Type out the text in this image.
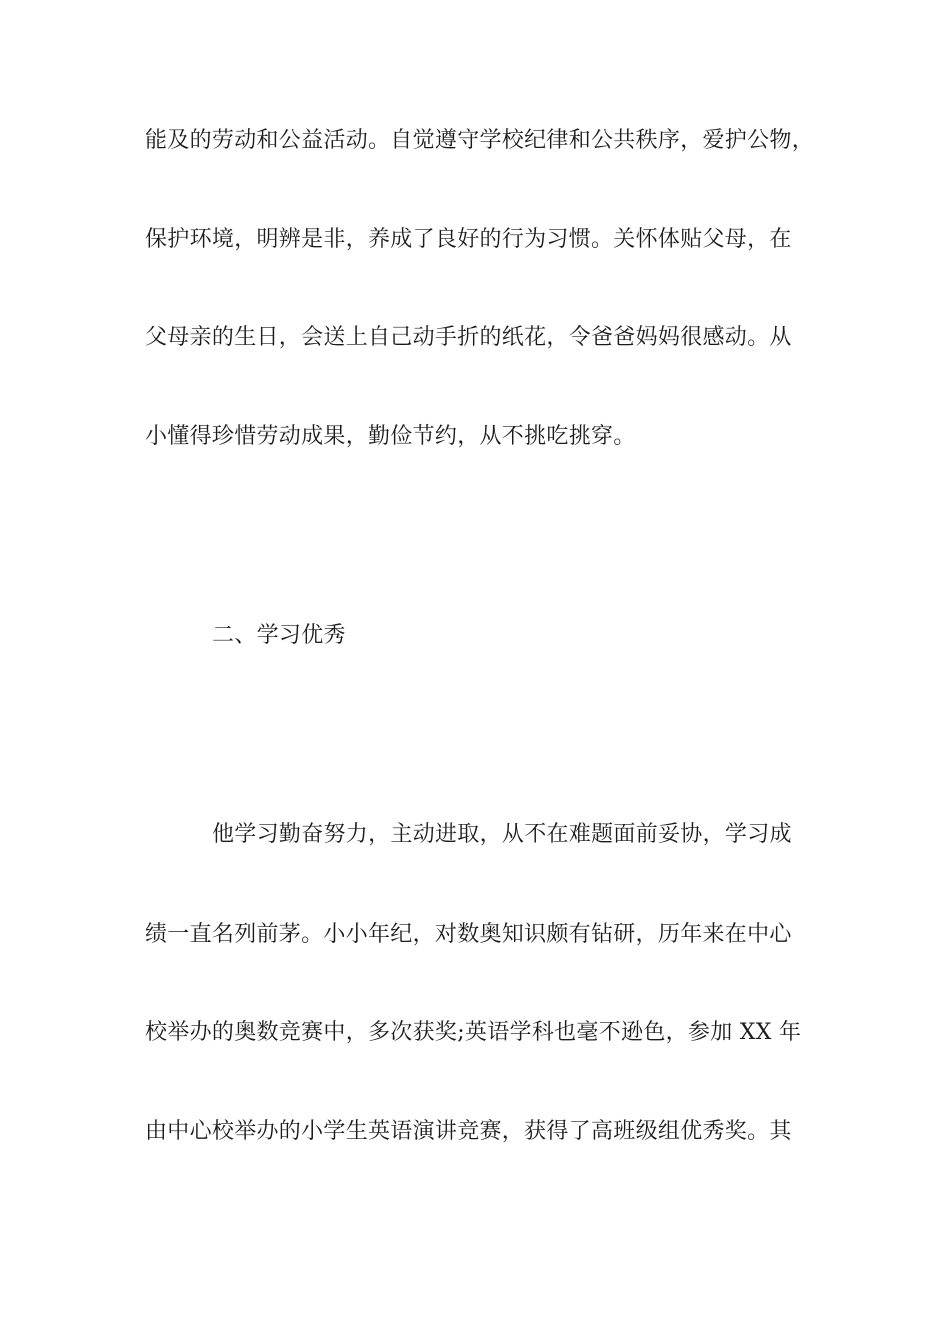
能及的劳动和公益活动。自觉遵守学校纪律和公共秩序，爱护公物，
保护环境，明辨是非，养成了良好的行为习惯。关怀体贴父母，在
父母亲的生日，会送上自己动手折的纸花，令爸爸妈妈很感动。从
小懂得珍惜劳动成果，勤俭节约，从不挑吃挑穿。
二、学习优秀
他学习勤奋努力，主动进取，从不在难题面前妥协，学习成
绩一直名列前茅。小小年纪，对数奥知识颇有钻研，历年来在中心
校举办的奥数竞赛中，多次获奖;英语学科也毫不逊色，参加 XX 年
由中心校举办的小学生英语演讲竞赛，获得了高班级组优秀奖。其
